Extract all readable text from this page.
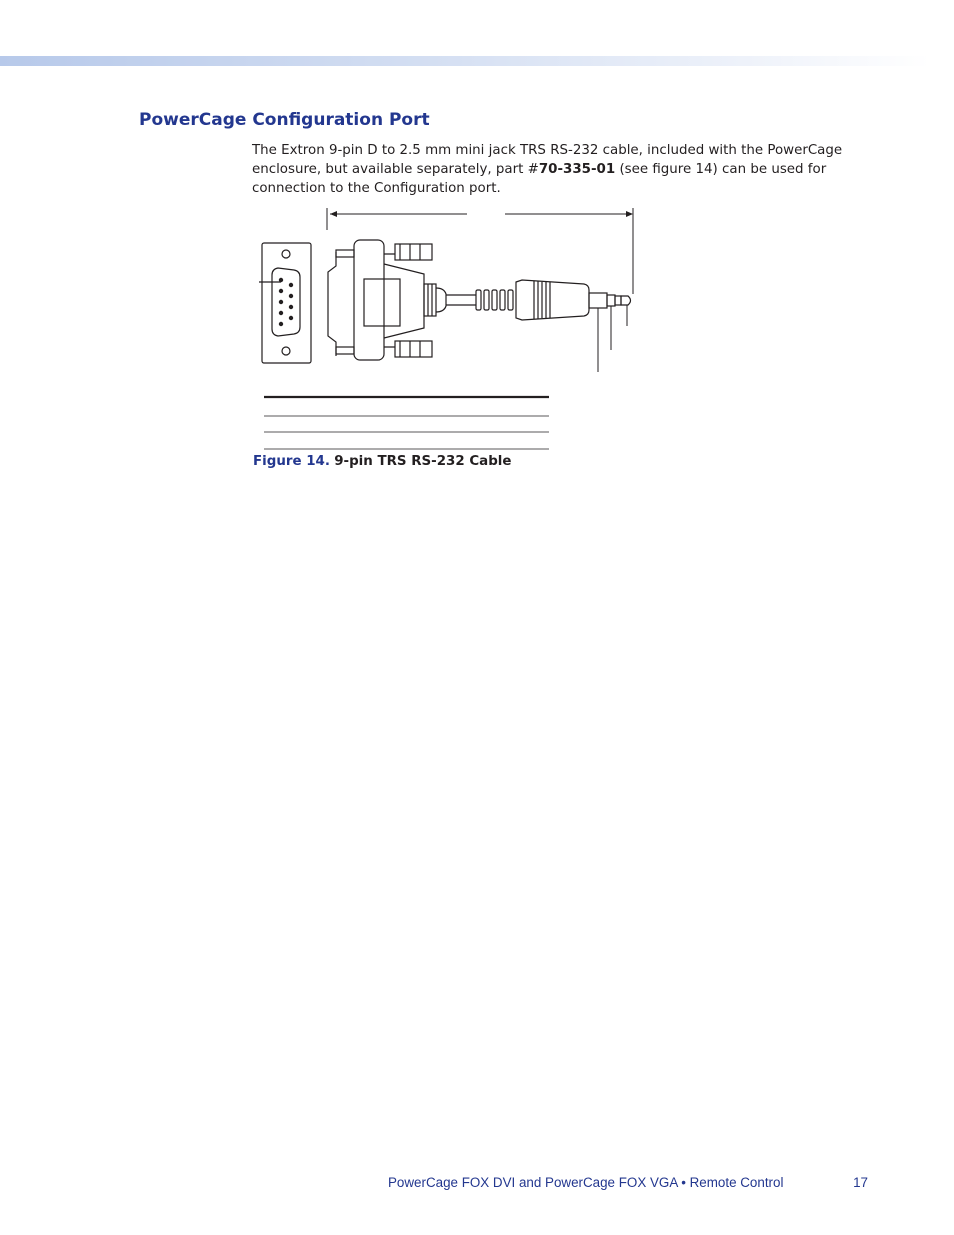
PowerCage Configuration Port

The Extron 9-pin D to 2.5 mm mini jack TRS RS-232 cable, included with the PowerCage enclosure, but available separately, part #70-335-01 (see figure 14) can be used for connection to the Configuration port.

Figure 14. 9-pin TRS RS-232 Cable

PowerCage FOX DVI and PowerCage FOX VGA • Remote Control	17
